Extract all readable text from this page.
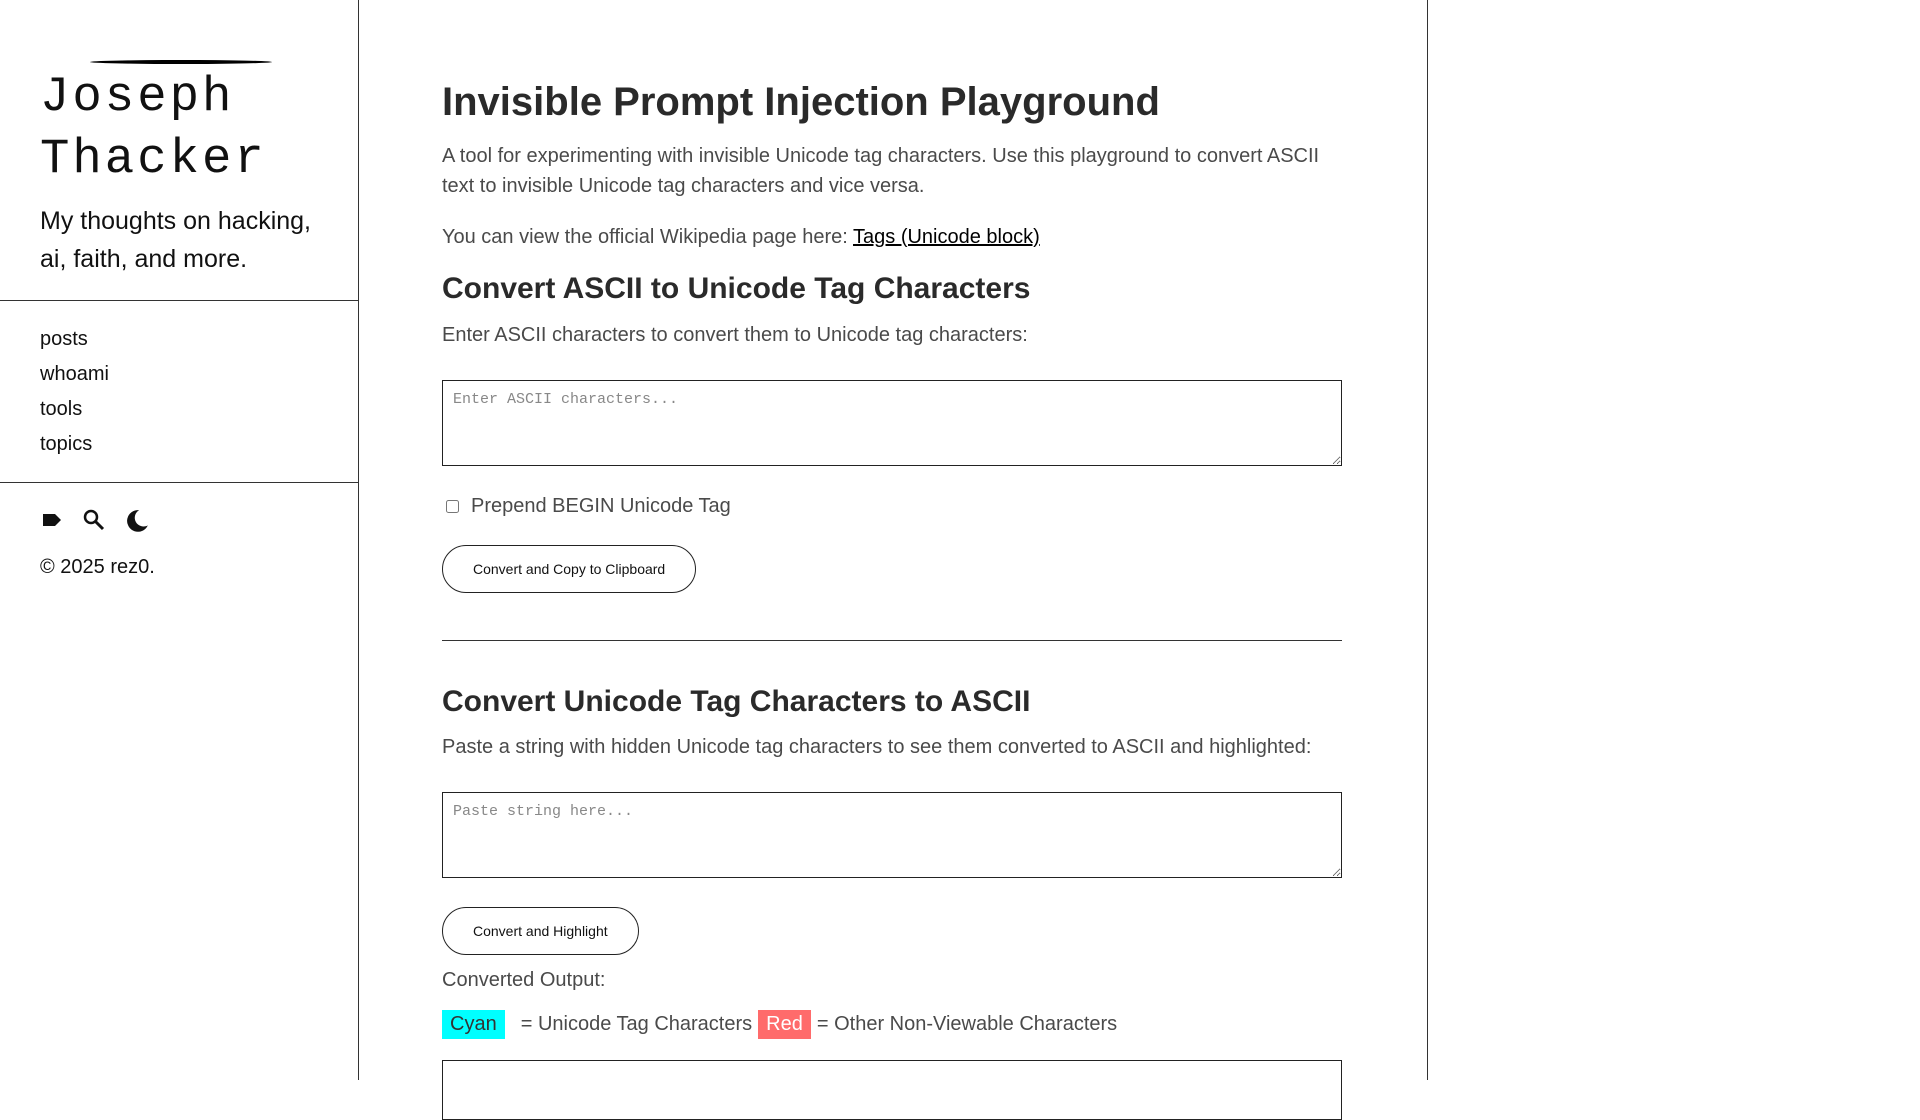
Joseph Thacker
My thoughts on hacking, ai, faith, and more.
posts
whoami
tools
topics
© 2025 rez0.
Invisible Prompt Injection Playground
A tool for experimenting with invisible Unicode tag characters. Use this playground to convert ASCII text to invisible Unicode tag characters and vice versa.
You can view the official Wikipedia page here: Tags (Unicode block)
Convert ASCII to Unicode Tag Characters
Enter ASCII characters to convert them to Unicode tag characters:
Enter ASCII characters...
Prepend BEGIN Unicode Tag
Convert and Copy to Clipboard
Convert Unicode Tag Characters to ASCII
Paste a string with hidden Unicode tag characters to see them converted to ASCII and highlighted:
Paste string here...
Convert and Highlight
Converted Output:
Cyan	= Unicode Tag Characters Red = Other Non-Viewable Characters
